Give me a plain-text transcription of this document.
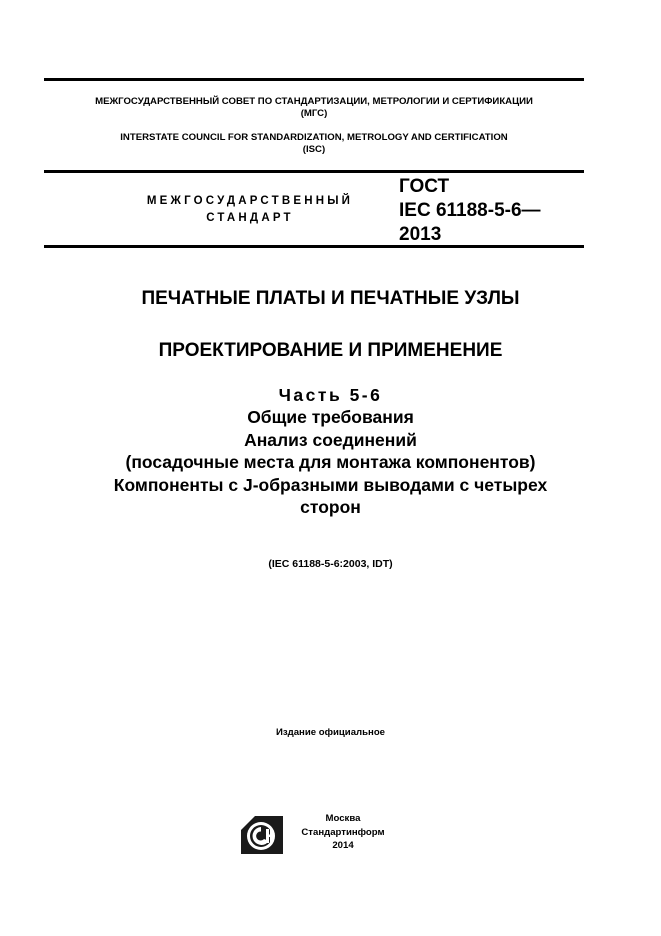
МЕЖГОСУДАРСТВЕННЫЙ СОВЕТ ПО СТАНДАРТИЗАЦИИ, МЕТРОЛОГИИ И СЕРТИФИКАЦИИ
(МГС)
INTERSTATE COUNCIL FOR STANDARDIZATION, METROLOGY AND CERTIFICATION
(ISC)
МЕЖГОСУДАРСТВЕННЫЙ
СТАНДАРТ
ГОСТ
IEC 61188-5-6—
2013
ПЕЧАТНЫЕ ПЛАТЫ И ПЕЧАТНЫЕ УЗЛЫ
ПРОЕКТИРОВАНИЕ И ПРИМЕНЕНИЕ
Часть 5-6
Общие требования
Анализ соединений
(посадочные места для монтажа компонентов)
Компоненты с J-образными выводами с четырех
сторон
(IEC 61188-5-6:2003, IDT)
Издание официальное
Москва
Стандартинформ
2014
